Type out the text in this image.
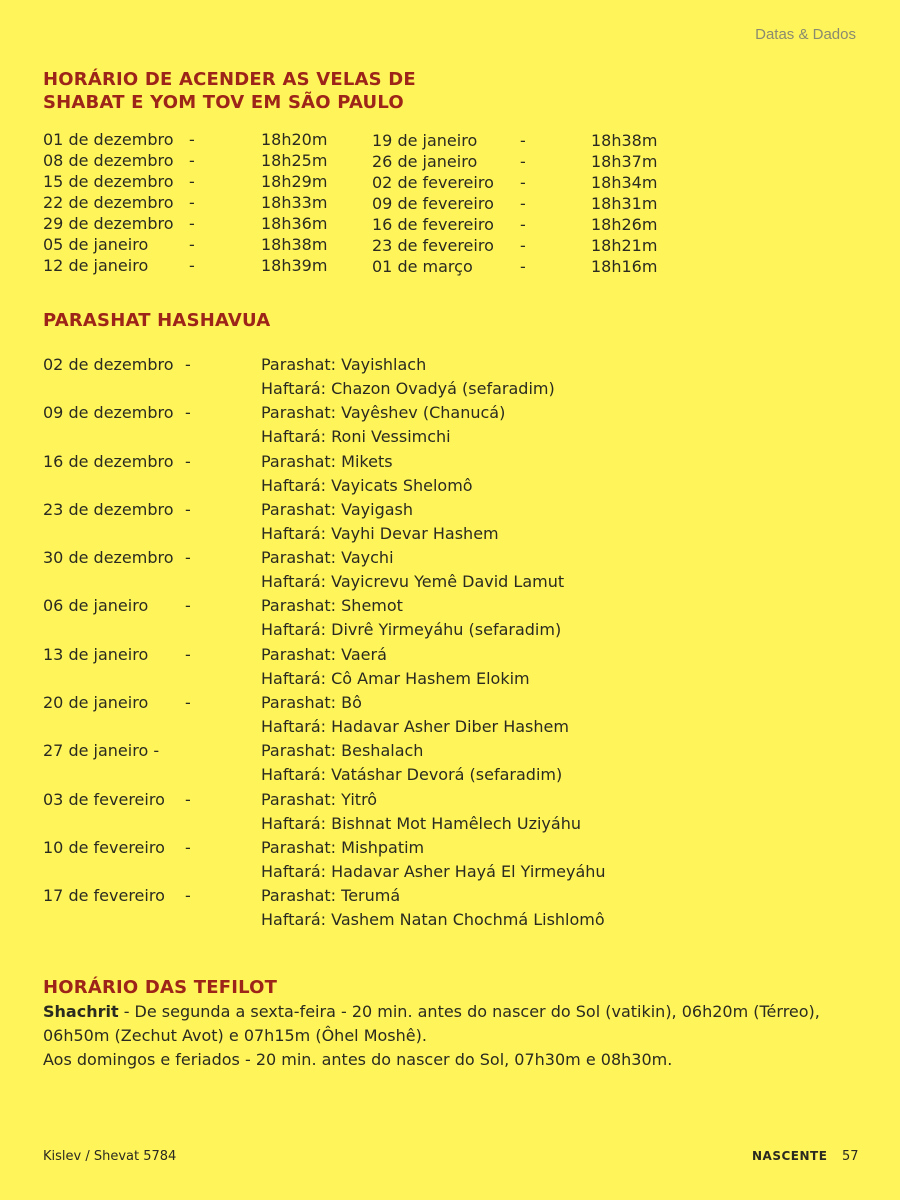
Datas & Dados
HORÁRIO DE ACENDER AS VELAS DE
SHABAT E YOM TOV EM SÃO PAULO
01 de dezembro -	18h20m
08 de dezembro -	18h25m
15 de dezembro -	18h29m
22 de dezembro -	18h33m
29 de dezembro -	18h36m
05 de janeiro	-	18h38m
12 de janeiro	-	18h39m
19 de janeiro	-	18h38m
26 de janeiro	-	18h37m
02 de fevereiro -	18h34m
09 de fevereiro -	18h31m
16 de fevereiro -	18h26m
23 de fevereiro -	18h21m
01 de março	-	18h16m
PARASHAT HASHAVUA
02 de dezembro -	Parashat: Vayishlach
Haftará: Chazon Ovadyá (sefaradim)
09 de dezembro -	Parashat: Vayêshev (Chanucá)
Haftará: Roni Vessimchi
16 de dezembro -	Parashat: Mikets
Haftará: Vayicats Shelomô
23 de dezembro -	Parashat: Vayigash
Haftará: Vayhi Devar Hashem
30 de dezembro -	Parashat: Vaychi
Haftará: Vayicrevu Yemê David Lamut
06 de janeiro -	Parashat: Shemot
Haftará: Divrê Yirmeyáhu (sefaradim)
13 de janeiro -	Parashat: Vaerá
Haftará: Cô Amar Hashem Elokim
20 de janeiro -	Parashat: Bô
Haftará: Hadavar Asher Diber Hashem
27 de janeiro -	Parashat: Beshalach
Haftará: Vatáshar Devorá (sefaradim)
03 de fevereiro -	Parashat: Yitrô
Haftará: Bishnat Mot Hamêlech Uziyáhu
10 de fevereiro -	Parashat: Mishpatim
Haftará: Hadavar Asher Hayá El Yirmeyáhu
17 de fevereiro -	Parashat: Terumá
Haftará: Vashem Natan Chochmá Lishlomô
HORÁRIO DAS TEFILOT
Shachrit - De segunda a sexta-feira - 20 min. antes do nascer do Sol (vatikin), 06h20m (Térreo),
06h50m (Zechut Avot) e 07h15m (Ôhel Moshê).
Aos domingos e feriados - 20 min. antes do nascer do Sol, 07h30m e 08h30m.
Kislev / Shevat 5784	NASCENTE 57
